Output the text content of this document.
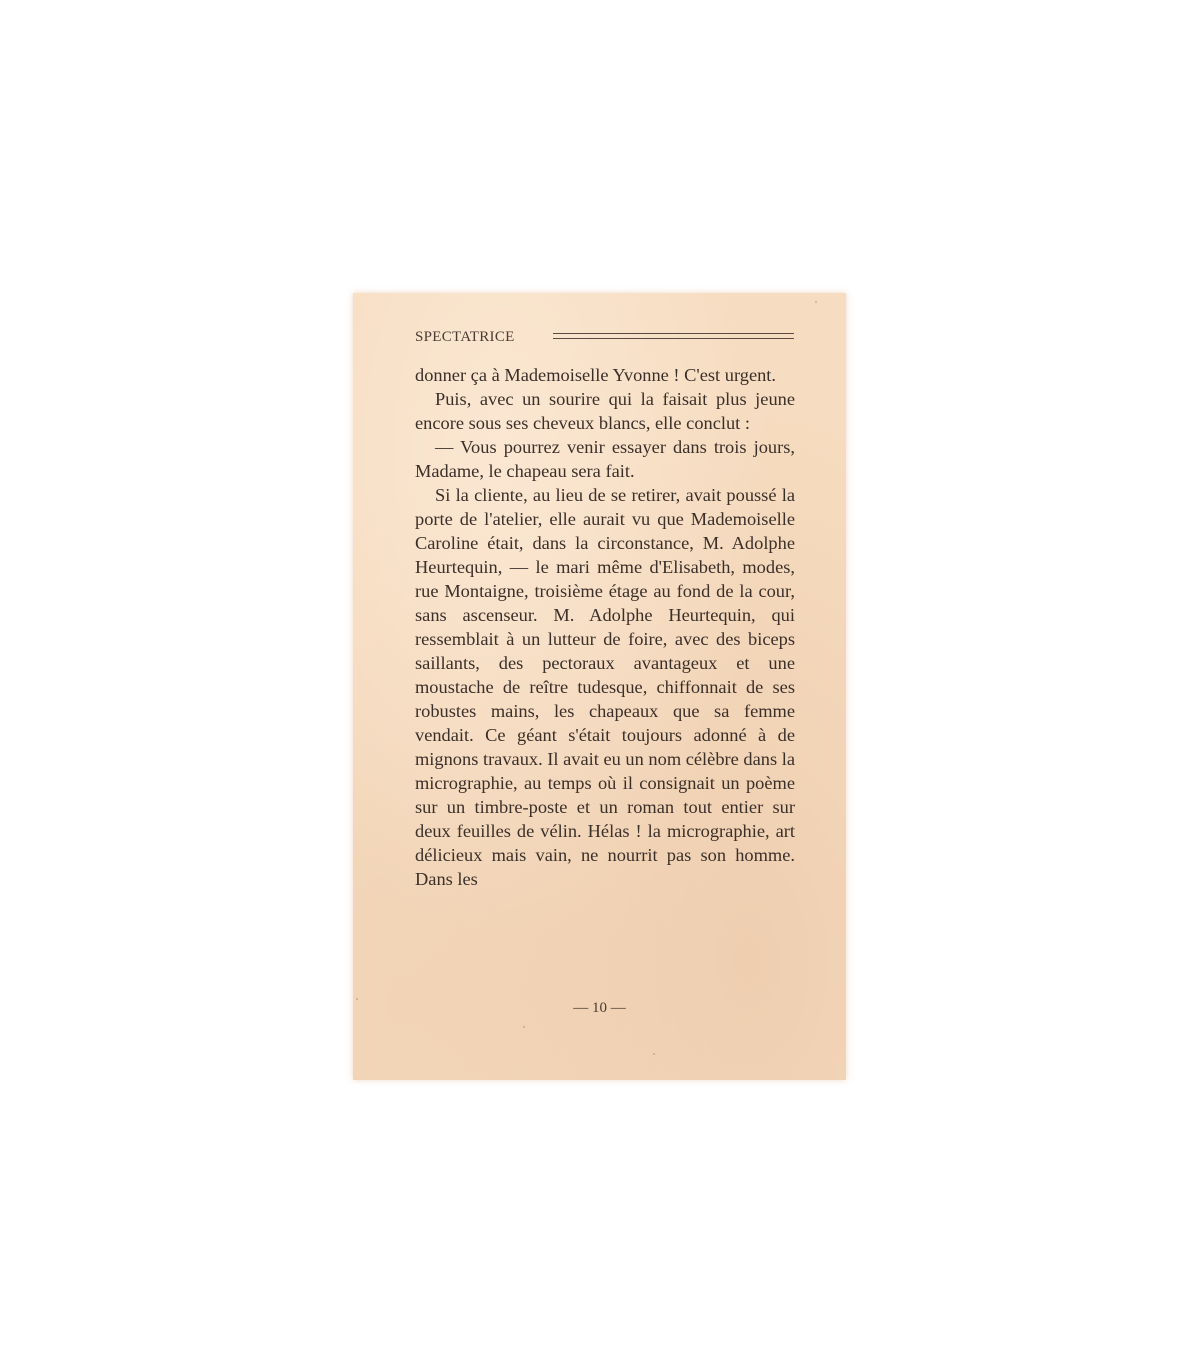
SPECTATRICE

donner ça à Mademoiselle Yvonne ! C'est urgent.

Puis, avec un sourire qui la faisait plus jeune encore sous ses cheveux blancs, elle conclut :

— Vous pourrez venir essayer dans trois jours, Madame, le chapeau sera fait.

Si la cliente, au lieu de se retirer, avait poussé la porte de l'atelier, elle aurait vu que Mademoiselle Caroline était, dans la circonstance, M. Adolphe Heurtequin, — le mari même d'Elisabeth, modes, rue Montaigne, troisième étage au fond de la cour, sans ascenseur. M. Adolphe Heurtequin, qui ressemblait à un lutteur de foire, avec des biceps saillants, des pectoraux avantageux et une moustache de reître tudesque, chiffonnait de ses robustes mains, les chapeaux que sa femme vendait. Ce géant s'était toujours adonné à de mignons travaux. Il avait eu un nom célèbre dans la micrographie, au temps où il consignait un poème sur un timbre-poste et un roman tout entier sur deux feuilles de vélin. Hélas ! la micrographie, art délicieux mais vain, ne nourrit pas son homme. Dans les

— 10 —
